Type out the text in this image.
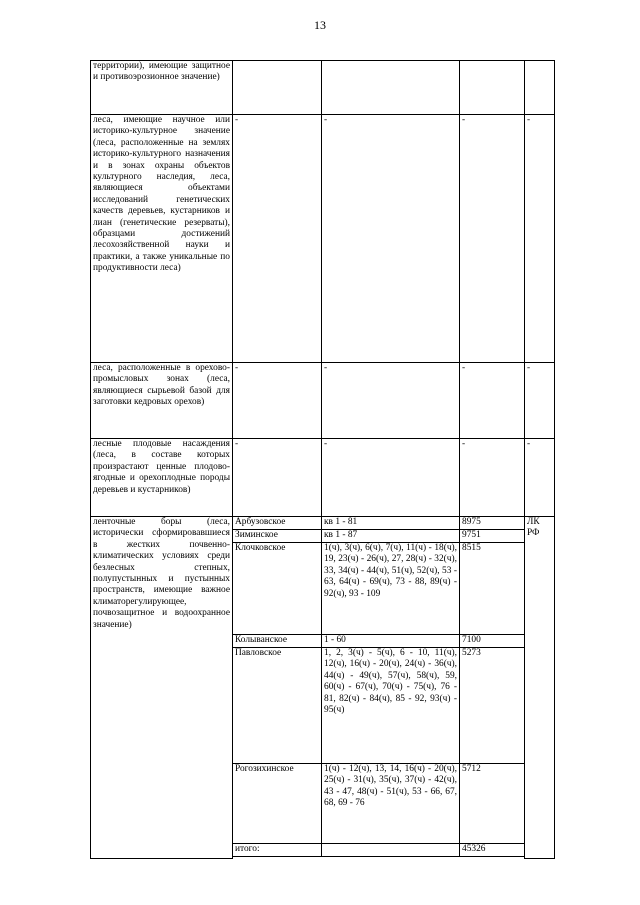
13
территории), имеющие защитное и противоэрозионное значение)				
леса, имеющие научное или историко-культурное значение (леса, расположенные на землях историко-культурного назначения и в зонах охраны объектов культурного наследия, леса, являющиеся объектами исследований генетических качеств деревьев, кустарников и лиан (генетические резерваты), образцами достижений лесохозяйственной науки и практики, а также уникальные по продуктивности леса)	-	-	-	-
леса, расположенные в орехово-промысловых зонах (леса, являющиеся сырьевой базой для заготовки кедровых орехов)	-	-	-	-
лесные плодовые насаждения (леса, в составе которых произрастают ценные плодово-ягодные и орехоплодные породы деревьев и кустарников)	-	-	-	-
ленточные боры (леса, исторически сформировавшиеся в жестких почвенно-климатических условиях среди безлесных степных, полупустынных и пустынных пространств, имеющие важное климаторегулирующее, почвозащитное и водоохранное значение)	Арбузовское	кв 1 - 81	8975	ЛК РФ
	Зиминское	кв 1 - 87	9751	
	Клочковское	1(ч), 3(ч), 6(ч), 7(ч), 11(ч) - 18(ч), 19, 23(ч) - 26(ч), 27, 28(ч) - 32(ч), 33, 34(ч) - 44(ч), 51(ч), 52(ч), 53 - 63, 64(ч) - 69(ч), 73 - 88, 89(ч) - 92(ч), 93 - 109	8515	
	Колыванское	1 - 60	7100	
	Павловское	1, 2, 3(ч) - 5(ч), 6 - 10, 11(ч), 12(ч), 16(ч) - 20(ч), 24(ч) - 36(ч), 44(ч) - 49(ч), 57(ч), 58(ч), 59, 60(ч) - 67(ч), 70(ч) - 75(ч), 76 - 81, 82(ч) - 84(ч), 85 - 92, 93(ч) - 95(ч)	5273	
	Рогозихинское	1(ч) - 12(ч), 13, 14, 16(ч) - 20(ч), 25(ч) - 31(ч), 35(ч), 37(ч) - 42(ч), 43 - 47, 48(ч) - 51(ч), 53 - 66, 67, 68, 69 - 76	5712	
	итого:		45326	
